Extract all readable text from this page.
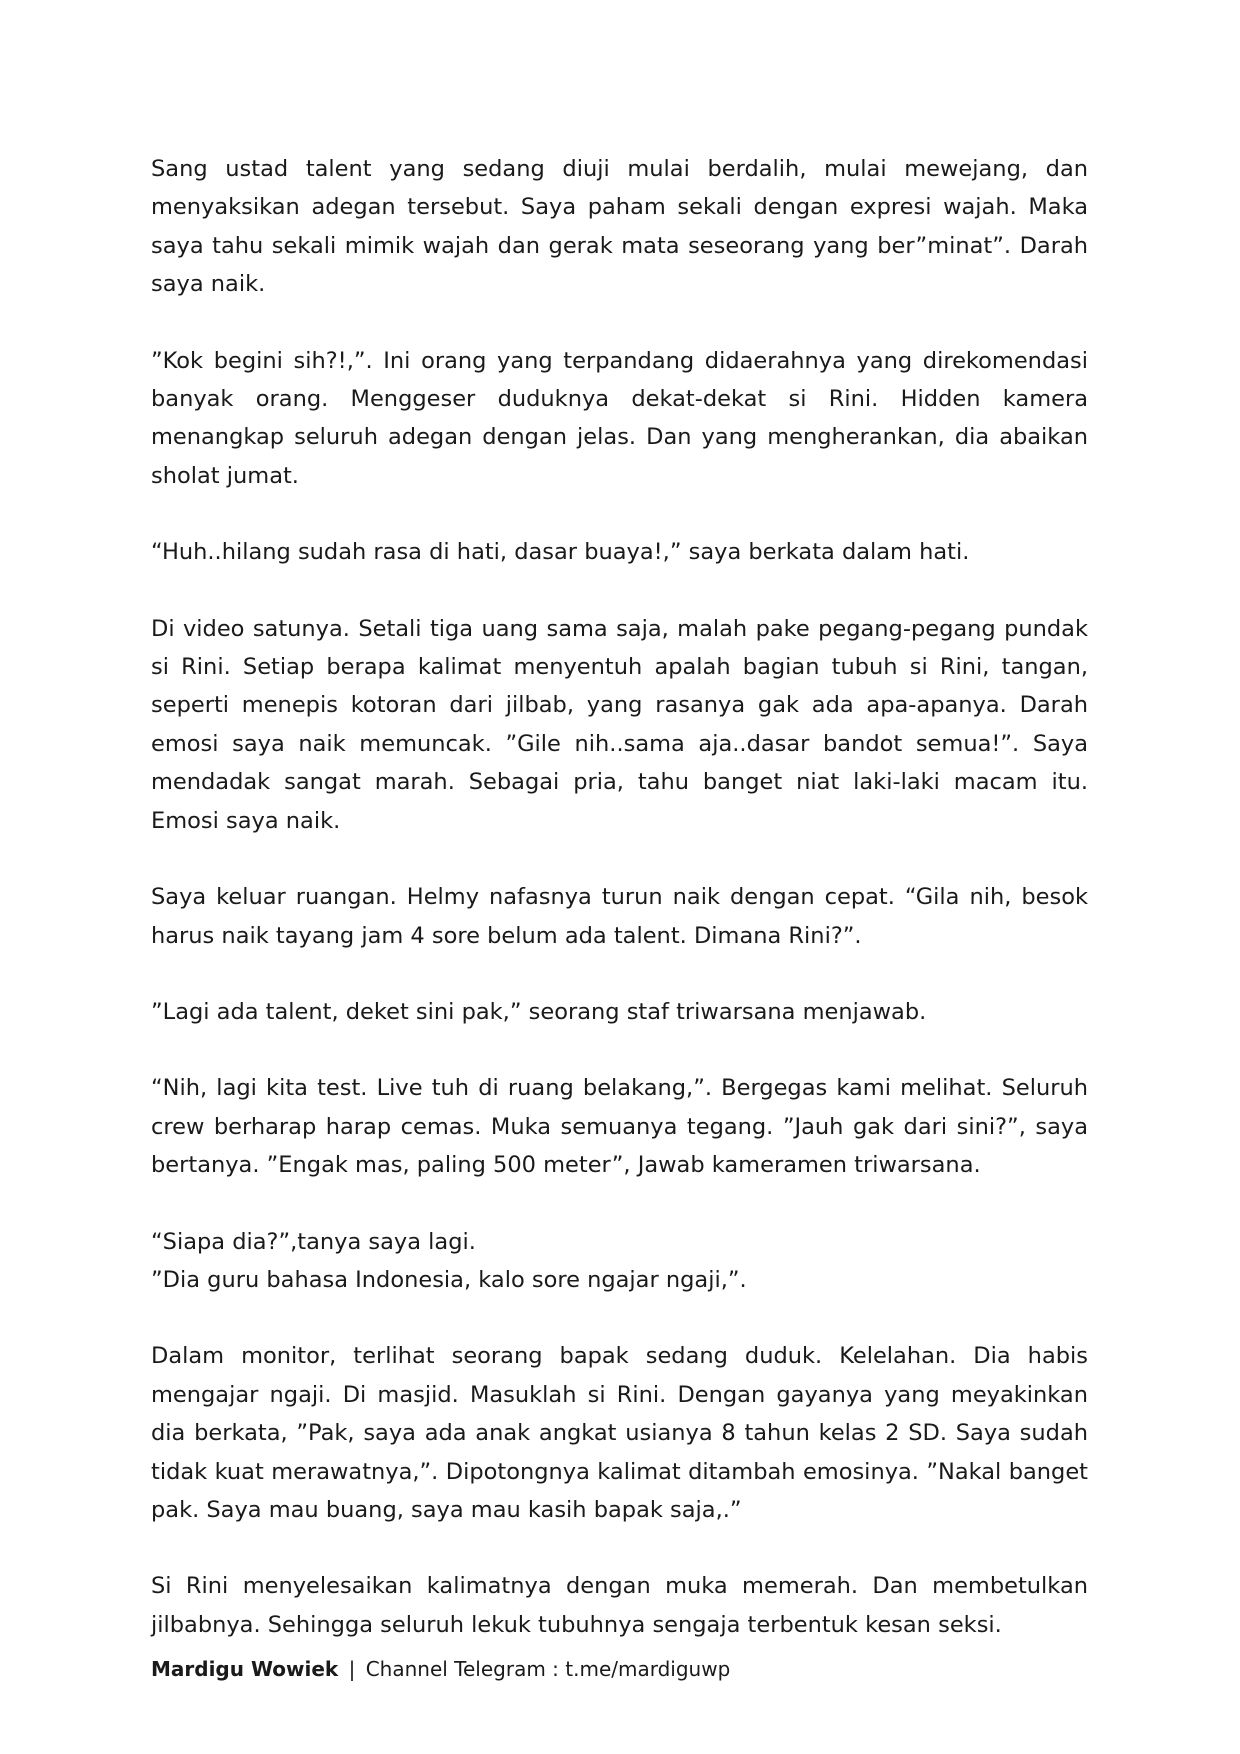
Sang ustad talent yang sedang diuji mulai berdalih, mulai mewejang, dan menyaksikan adegan tersebut. Saya paham sekali dengan expresi wajah. Maka saya tahu sekali mimik wajah dan gerak mata seseorang yang ber”minat”. Darah saya naik.

”Kok begini sih?!,”. Ini orang yang terpandang didaerahnya yang direkomendasi banyak orang. Menggeser duduknya dekat-dekat si Rini. Hidden kamera menangkap seluruh adegan dengan jelas. Dan yang mengherankan, dia abaikan sholat jumat.

“Huh..hilang sudah rasa di hati, dasar buaya!,” saya berkata dalam hati.

Di video satunya. Setali tiga uang sama saja, malah pake pegang-pegang pundak si Rini. Setiap berapa kalimat menyentuh apalah bagian tubuh si Rini, tangan, seperti menepis kotoran dari jilbab, yang rasanya gak ada apa-apanya. Darah emosi saya naik memuncak. ”Gile nih..sama aja..dasar bandot semua!”. Saya mendadak sangat marah. Sebagai pria, tahu banget niat laki-laki macam itu. Emosi saya naik.

Saya keluar ruangan. Helmy nafasnya turun naik dengan cepat. “Gila nih, besok harus naik tayang jam 4 sore belum ada talent. Dimana Rini?”.

”Lagi ada talent, deket sini pak,” seorang staf triwarsana menjawab.

“Nih, lagi kita test. Live tuh di ruang belakang,”. Bergegas kami melihat. Seluruh crew berharap harap cemas. Muka semuanya tegang. ”Jauh gak dari sini?”, saya bertanya. ”Engak mas, paling 500 meter”, Jawab kameramen triwarsana.

“Siapa dia?”,tanya saya lagi.

”Dia guru bahasa Indonesia, kalo sore ngajar ngaji,”.

Dalam monitor, terlihat seorang bapak sedang duduk. Kelelahan. Dia habis mengajar ngaji. Di masjid. Masuklah si Rini. Dengan gayanya yang meyakinkan dia berkata, ”Pak, saya ada anak angkat usianya 8 tahun kelas 2 SD. Saya sudah tidak kuat merawatnya,”. Dipotongnya kalimat ditambah emosinya. ”Nakal banget pak. Saya mau buang, saya mau kasih bapak saja,.”

Si Rini menyelesaikan kalimatnya dengan muka memerah. Dan membetulkan jilbabnya. Sehingga seluruh lekuk tubuhnya sengaja terbentuk kesan seksi.

Mardigu Wowiek | Channel Telegram : t.me/mardiguwp
